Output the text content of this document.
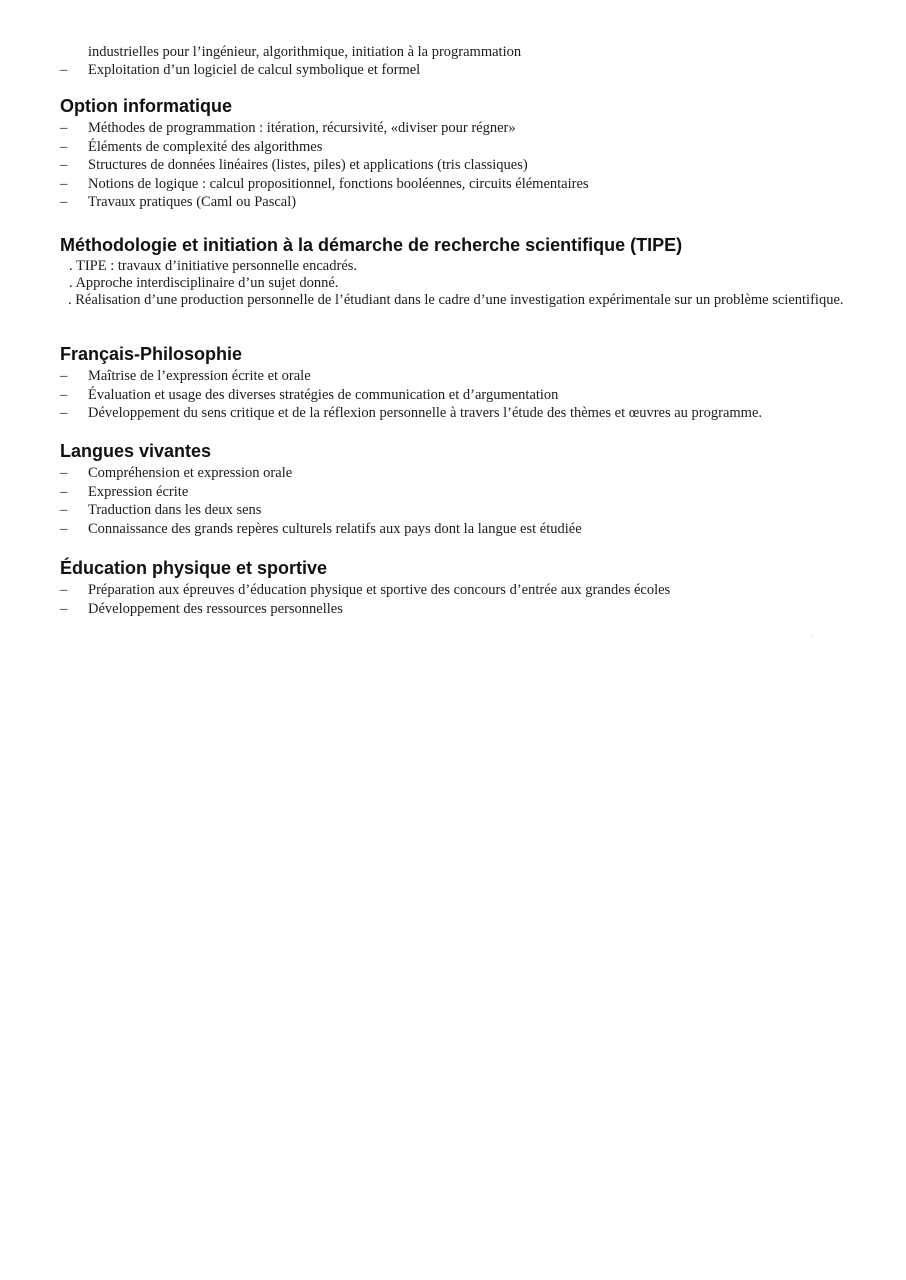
industrielles pour l’ingénieur, algorithmique, initiation à la programmation
– Exploitation d’un logiciel de calcul symbolique et formel
Option informatique
– Méthodes de programmation : itération, récursivité, «diviser pour régner»
– Éléments de complexité des algorithmes
– Structures de données linéaires (listes, piles) et applications (tris classiques)
– Notions de logique : calcul propositionnel, fonctions booléennes, circuits élémentaires
– Travaux pratiques (Caml ou Pascal)
Méthodologie et initiation à la démarche de recherche scientifique (TIPE)
. TIPE : travaux d’initiative personnelle encadrés.
. Approche interdisciplinaire d’un sujet donné.
. Réalisation d’une production personnelle de l’étudiant dans le cadre d’une investigation expérimentale sur un problème scientifique.
Français-Philosophie
– Maîtrise de l’expression écrite et orale
– Évaluation et usage des diverses stratégies de communication et d’argumentation
– Développement du sens critique et de la réflexion personnelle à travers l’étude des thèmes et œuvres au programme.
Langues vivantes
– Compréhension et expression orale
– Expression écrite
– Traduction dans les deux sens
– Connaissance des grands repères culturels relatifs aux pays dont la langue est étudiée
Éducation physique et sportive
– Préparation aux épreuves d’éducation physique et sportive des concours d’entrée aux grandes écoles
– Développement des ressources personnelles
